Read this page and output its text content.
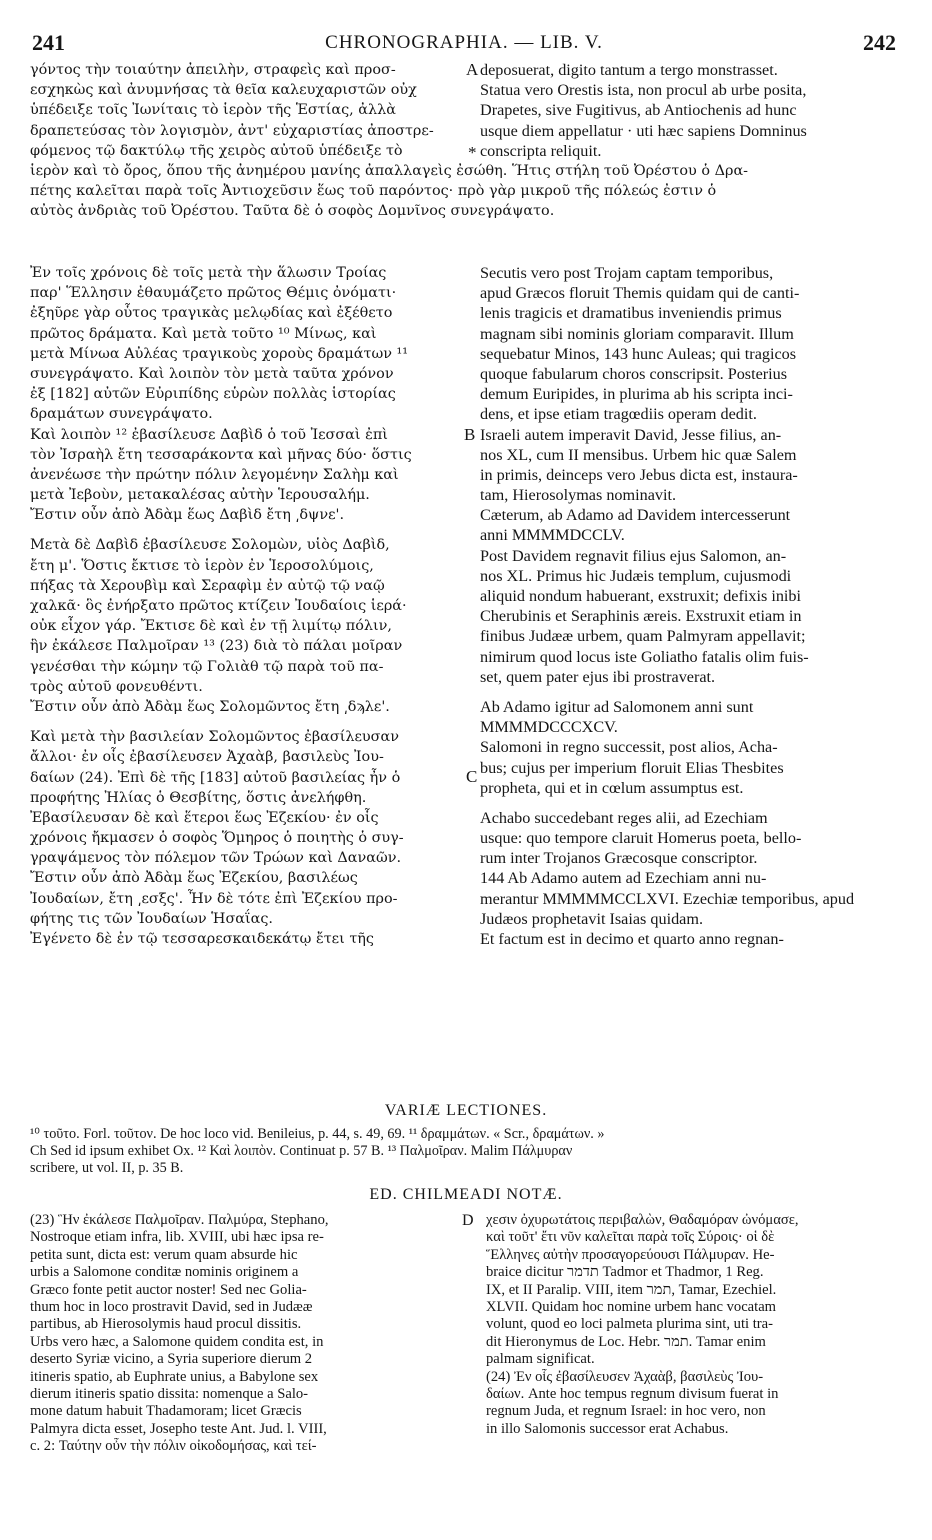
241	CHRONOGRAPHIA. — LIB. V.	242
γόντος τὴν τοιαύτην ἀπειλὴν, στραφεὶς καὶ προσ-
εσχηκὼς καὶ ἀνυμνήσας τὰ θεῖα καλευχαριστῶν οὐχ
ὑπέδειξε τοῖς Ἰωνίταις τὸ ἱερὸν τῆς Ἑστίας, ἀλλὰ
δραπετεύσας τὸν λογισμὸν, ἀντ' εὐχαριστίας ἀποστρε-
φόμενος τῷ δακτύλῳ τῆς χειρὸς αὐτοῦ ὑπέδειξε τὸ
deposuerat, digito tantum a tergo monstrasset.
Statua vero Orestis ista, non procul ab urbe posita,
Drapetes, sive Fugitivus, ab Antiochenis ad hunc
usque diem appellatur · uti hæc sapiens Domninus
conscripta reliquit.
ἱερὸν καὶ τὸ ὄρος, ὅπου τῆς ἀνημέρου μανίης ἀπαλλαγεὶς ἐσώθη. Ἥτις στήλη τοῦ Ὀρέστου ὁ Δρα-
πέτης καλεῖται παρὰ τοῖς Ἀντιοχεῦσιν ἕως τοῦ παρόντος· πρὸ γὰρ μικροῦ τῆς πόλεώς ἐστιν ὁ
αὐτὸς ἀνδριὰς τοῦ Ὀρέστου. Ταῦτα δὲ ὁ σοφὸς Δομνῖνος συνεγράψατο.
Ἐν τοῖς χρόνοις δὲ τοῖς μετὰ τὴν ἅλωσιν Τροίας
παρ' Ἕλλησιν ἐθαυμάζετο πρῶτος Θέμις ὀνόματι·
ἐξηῦρε γὰρ οὗτος τραγικὰς μελῳδίας καὶ ἐξέθετο
πρῶτος δράματα. Καὶ μετὰ τοῦτο ¹⁰ Μίνως, καὶ
μετὰ Μίνωα Αὐλέας τραγικοὺς χοροὺς δραμάτων ¹¹
συνεγράψατο. Καὶ λοιπὸν τὸν μετὰ ταῦτα χρόνον
ἐξ [182] αὐτῶν Εὐριπίδης εὑρὼν πολλὰς ἱστορίας
δραμάτων συνεγράψατο.
Καὶ λοιπὸν ¹² ἐβασίλευσε Δαβὶδ ὁ τοῦ Ἰεσσαὶ ἐπὶ
τὸν Ἰσραὴλ ἔτη τεσσαράκοντα καὶ μῆνας δύο· ὅστις
ἀνενέωσε τὴν πρώτην πόλιν λεγομένην Σαλὴμ καὶ
μετὰ Ἰεβοὺν, μετακαλέσας αὐτὴν Ἱερουσαλήμ.
Ἔστιν οὖν ἀπὸ Ἀδὰμ ἕως Δαβὶδ ἔτη ͵δψνε'.
Μετὰ δὲ Δαβὶδ ἐβασίλευσε Σολομὼν, υἱὸς Δαβὶδ,
ἔτη μ'. Ὅστις ἔκτισε τὸ ἱερὸν ἐν Ἱεροσολύμοις,
πήξας τὰ Χερουβὶμ καὶ Σεραφὶμ ἐν αὐτῷ τῷ ναῷ
χαλκᾶ· ὃς ἐνήρξατο πρῶτος κτίζειν Ἰουδαίοις ἱερά·
οὐκ εἶχον γάρ. Ἔκτισε δὲ καὶ ἐν τῇ λιμίτῳ πόλιν,
ἣν ἐκάλεσε Παλμοῖραν ¹³ (23) διὰ τὸ πάλαι μοῖραν
γενέσθαι τὴν κώμην τῷ Γολιὰθ τῷ παρὰ τοῦ πα-
τρὸς αὐτοῦ φονευθέντι.
Ἔστιν οὖν ἀπὸ Ἀδὰμ ἕως Σολομῶντος ἔτη ͵δϡλε'.
Καὶ μετὰ τὴν βασιλείαν Σολομῶντος ἐβασίλευσαν
ἄλλοι· ἐν οἷς ἐβασίλευσεν Ἀχαὰβ, βασιλεὺς Ἰου-
δαίων (24). Ἐπὶ δὲ τῆς [183] αὐτοῦ βασιλείας ἦν ὁ
προφήτης Ἠλίας ὁ Θεσβίτης, ὅστις ἀνελήφθη.
Ἐβασίλευσαν δὲ καὶ ἕτεροι ἕως Ἐζεκίου· ἐν οἷς
χρόνοις ἤκμασεν ὁ σοφὸς Ὅμηρος ὁ ποιητὴς ὁ συγ-
γραψάμενος τὸν πόλεμον τῶν Τρώων καὶ Δαναῶν.
Ἔστιν οὖν ἀπὸ Ἀδὰμ ἕως Ἐζεκίου, βασιλέως
Ἰουδαίων, ἔτη ͵εσξς'. Ἦν δὲ τότε ἐπὶ Ἐζεκίου προ-
φήτης τις τῶν Ἰουδαίων Ἡσαΐας.
Ἐγένετο δὲ ἐν τῷ τεσσαρεσκαιδεκάτῳ ἔτει τῆς
Secutis vero post Trojam captam temporibus,
apud Græcos floruit Themis quidam qui de canti-
lenis tragicis et dramatibus inveniendis primus
magnam sibi nominis gloriam comparavit. Illum
sequebatur Minos, 143 hunc Auleas; qui tragicos
quoque fabularum choros conscripsit. Posterius
demum Euripides, in plurima ab his scripta inci-
dens, et ipse etiam tragœdiis operam dedit.
Israeli autem imperavit David, Jesse filius, an-
nos XL, cum II mensibus. Urbem hic quæ Salem
in primis, deinceps vero Jebus dicta est, instaura-
tam, Hierosolymas nominavit.
Cæterum, ab Adamo ad Davidem intercesserunt
anni MMMMDCCLV.
Post Davidem regnavit filius ejus Salomon, an-
nos XL. Primus hic Judæis templum, cujusmodi
aliquid nondum habuerant, exstruxit; defixis inibi
Cherubinis et Seraphinis æreis. Exstruxit etiam in
finibus Judææ urbem, quam Palmyram appellavit;
nimirum quod locus iste Goliatho fatalis olim fuis-
set, quem pater ejus ibi prostraverat.
Ab Adamo igitur ad Salomonem anni sunt
MMMMDCCCXCV.
Salomoni in regno successit, post alios, Acha-
bus; cujus per imperium floruit Elias Thesbites
propheta, qui et in cœlum assumptus est.
Achabo succedebant reges alii, ad Ezechiam
usque: quo tempore claruit Homerus poeta, bello-
rum inter Trojanos Græcosque conscriptor.
144 Ab Adamo autem ad Ezechiam anni nu-
merantur MMMMMCCLXVI. Ezechiæ temporibus, apud
Judæos prophetavit Isaias quidam.
Et factum est in decimo et quarto anno regnan-
A
*
B
C
VARIÆ LECTIONES.
¹⁰ τοῦτο. Forl. τοῦτον. De hoc loco vid. Benileius, p. 44, s. 49, 69. ¹¹ δραμμάτων. « Scr., δραμάτων. »
Ch Sed id ipsum exhibet Ox. ¹² Καὶ λοιπὸν. Continuat p. 57 B. ¹³ Παλμοῖραν. Malim Πάλμυραν
scribere, ut vol. II, p. 35 B.
ED. CHILMEADI NOTÆ.
(23) Ἣν ἐκάλεσε Παλμοῖραν. Παλμύρα, Stephano,
Nostroque etiam infra, lib. XVIII, ubi hæc ipsa re-
petita sunt, dicta est: verum quam absurde hic
urbis a Salomone conditæ nominis originem a
Græco fonte petit auctor noster! Sed nec Golia-
thum hoc in loco prostravit David, sed in Judææ
partibus, ab Hierosolymis haud procul dissitis.
Urbs vero hæc, a Salomone quidem condita est, in
deserto Syriæ vicino, a Syria superiore dierum 2
itineris spatio, ab Euphrate unius, a Babylone sex
dierum itineris spatio dissita: nomenque a Salo-
mone datum habuit Thadamoram; licet Græcis
Palmyra dicta esset, Josepho teste Ant. Jud. l. VIII,
c. 2: Ταύτην οὖν τὴν πόλιν οἰκοδομήσας, καὶ τεί-
D χεσιν ὀχυρωτάτοις περιβαλὼν, Θαδαμόραν ὠνόμασε,
καὶ τοῦτ' ἔτι νῦν καλεῖται παρὰ τοῖς Σύροις· οἱ δὲ
Ἕλληνες αὐτὴν προσαγορεύουσι Πάλμυραν. He-
braice dicitur תדמר Tadmor et Thadmor, 1 Reg.
IX, et II Paralip. VIII, item תמר, Tamar, Ezechiel.
XLVII. Quidam hoc nomine urbem hanc vocatam
volunt, quod eo loci palmeta plurima sint, uti tra-
dit Hieronymus de Loc. Hebr. תמר. Tamar enim
palmam significat.
(24) Ἐν οἷς ἐβασίλευσεν Ἀχαὰβ, βασιλεὺς Ἰου-
δαίων. Ante hoc tempus regnum divisum fuerat in
regnum Juda, et regnum Israel: in hoc vero, non
in illo Salomonis successor erat Achabus.
